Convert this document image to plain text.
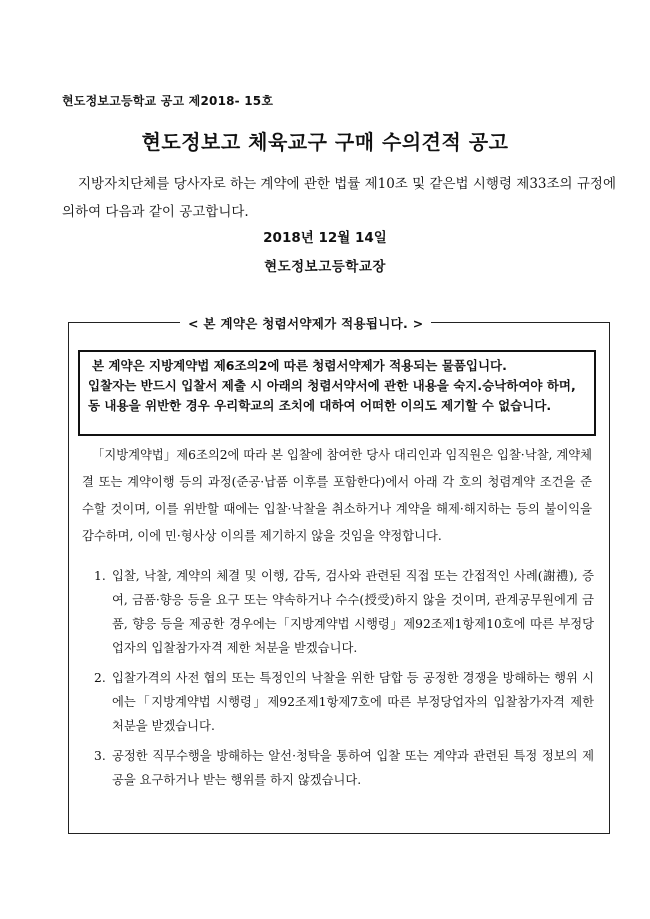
현도정보고등학교 공고 제2018- 15호
현도정보고 체육교구 구매 수의견적 공고
지방자치단체를 당사자로 하는 계약에 관한 법률 제10조 및 같은법 시행령 제33조의 규정에 의하여 다음과 같이 공고합니다.
2018년 12월 14일
현도정보고등학교장
< 본 계약은 청렴서약제가 적용됩니다. >

본 계약은 지방계약법 제6조의2에 따른 청렴서약제가 적용되는 물품입니다.

입찰자는 반드시 입찰서 제출 시 아래의 청렴서약서에 관한 내용을 숙지.승낙하여야 하며, 동 내용을 위반한 경우 우리학교의 조치에 대하여 어떠한 이의도 제기할 수 없습니다.

「지방계약법」제6조의2에 따라 본 입찰에 참여한 당사 대리인과 임직원은 입찰·낙찰, 계약체결 또는 계약이행 등의 과정(준공·납품 이후를 포함한다)에서 아래 각 호의 청렴계약 조건을 준수할 것이며, 이를 위반할 때에는 입찰·낙찰을 취소하거나 계약을 해제·해지하는 등의 불이익을 감수하며, 이에 민·형사상 이의를 제기하지 않을 것임을 약정합니다.
1. 입찰, 낙찰, 계약의 체결 및 이행, 감독, 검사와 관련된 직접 또는 간접적인 사례(謝禮), 증여, 금품·향응 등을 요구 또는 약속하거나 수수(授受)하지 않을 것이며, 관계공무원에게 금품, 향응 등을 제공한 경우에는「지방계약법 시행령」제92조제1항제10호에 따른 부정당업자의 입찰참가자격 제한 처분을 받겠습니다.
2. 입찰가격의 사전 협의 또는 특정인의 낙찰을 위한 담합 등 공정한 경쟁을 방해하는 행위 시에는「지방계약법 시행령」제92조제1항제7호에 따른 부정당업자의 입찰참가자격 제한 처분을 받겠습니다.
3. 공정한 직무수행을 방해하는 알선·청탁을 통하여 입찰 또는 계약과 관련된 특정 정보의 제공을 요구하거나 받는 행위를 하지 않겠습니다.
